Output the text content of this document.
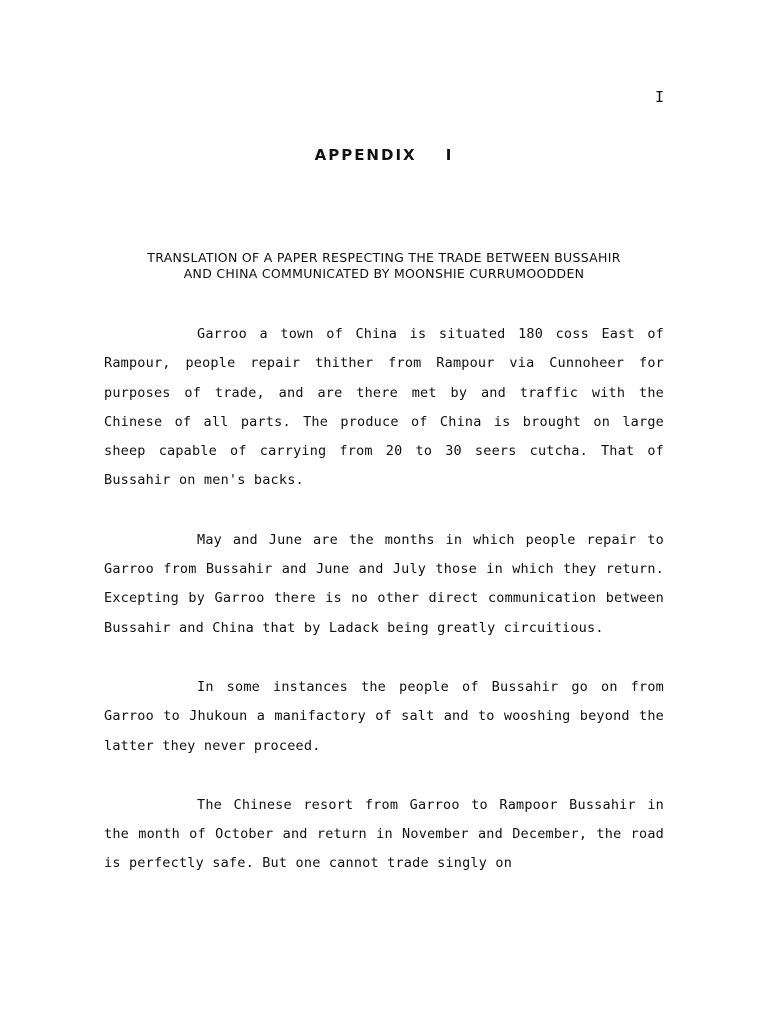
I
APPENDIX I
TRANSLATION OF A PAPER RESPECTING THE TRADE BETWEEN BUSSAHIR
AND CHINA COMMUNICATED BY MOONSHIE CURRUMOODDEN

Garroo a town of China is situated 180 coss East of Rampour, people repair thither from Rampour via Cunnoheer for purposes of trade, and are there met by and traffic with the Chinese of all parts. The produce of China is brought on large sheep capable of carrying from 20 to 30 seers cutcha. That of Bussahir on men's backs.

May and June are the months in which people repair to Garroo from Bussahir and June and July those in which they return. Excepting by Garroo there is no other direct communication between Bussahir and China that by Ladack being greatly circuitious.

In some instances the people of Bussahir go on from Garroo to Jhukoun a manifactory of salt and to wooshing beyond the latter they never proceed.

The Chinese resort from Garroo to Rampoor Bussahir in the month of October and return in November and December, the road is perfectly safe. But one cannot trade singly on
